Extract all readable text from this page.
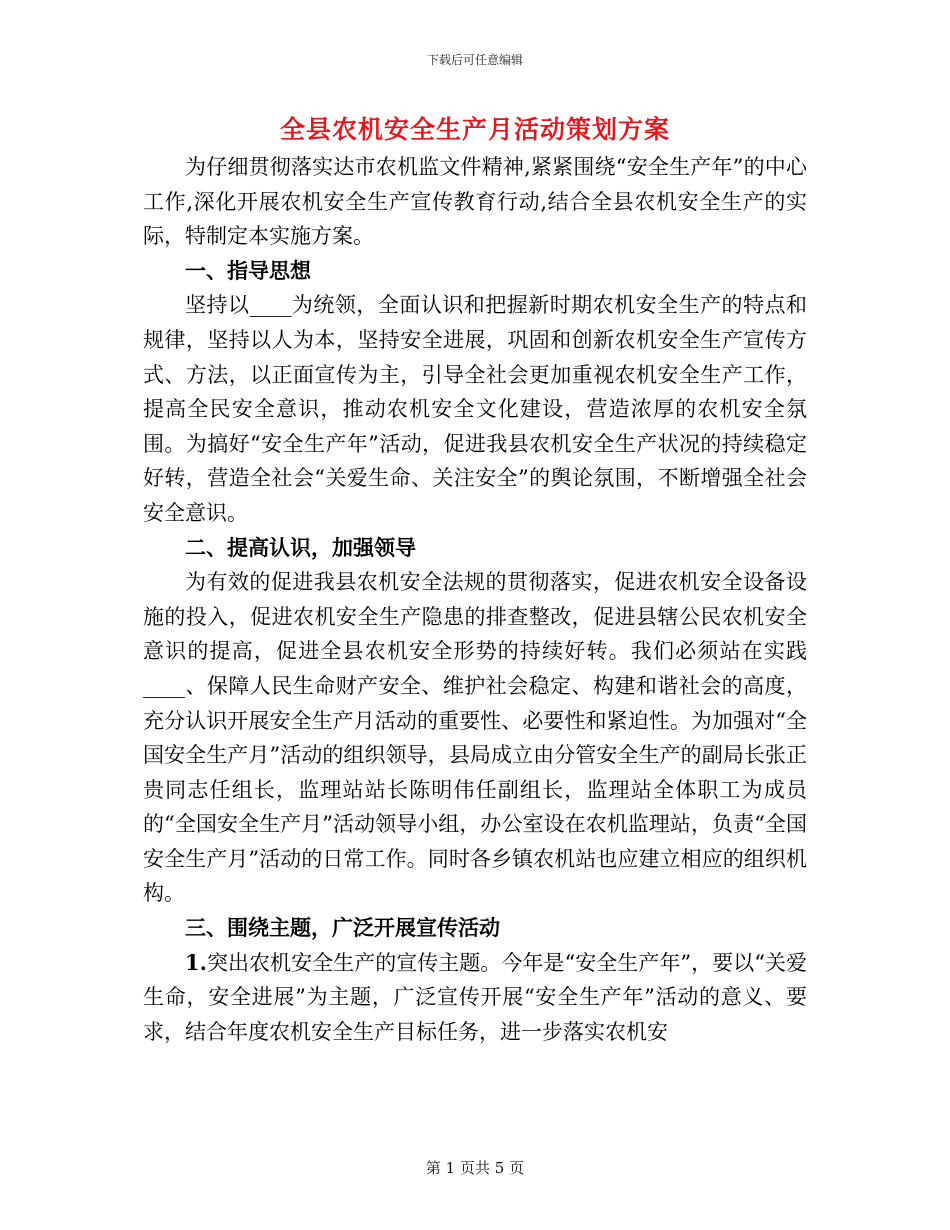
下载后可任意编辑
全县农机安全生产月活动策划方案

为仔细贯彻落实达市农机监文件精神,紧紧围绕“安全生产年”的中心工作,深化开展农机安全生产宣传教育行动,结合全县农机安全生产的实际，特制定本实施方案。

一、指导思想

坚持以____为统领，全面认识和把握新时期农机安全生产的特点和规律，坚持以人为本，坚持安全进展，巩固和创新农机安全生产宣传方式、方法，以正面宣传为主，引导全社会更加重视农机安全生产工作，提高全民安全意识，推动农机安全文化建设，营造浓厚的农机安全氛围。为搞好“安全生产年”活动，促进我县农机安全生产状况的持续稳定好转，营造全社会“关爱生命、关注安全”的舆论氛围，不断增强全社会安全意识。

二、提高认识，加强领导

为有效的促进我县农机安全法规的贯彻落实，促进农机安全设备设施的投入，促进农机安全生产隐患的排查整改，促进县辖公民农机安全意识的提高，促进全县农机安全形势的持续好转。我们必须站在实践____、保障人民生命财产安全、维护社会稳定、构建和谐社会的高度，充分认识开展安全生产月活动的重要性、必要性和紧迫性。为加强对“全国安全生产月”活动的组织领导，县局成立由分管安全生产的副局长张正贵同志任组长，监理站站长陈明伟任副组长，监理站全体职工为成员的“全国安全生产月”活动领导小组，办公室设在农机监理站，负责“全国安全生产月”活动的日常工作。同时各乡镇农机站也应建立相应的组织机构。

三、围绕主题，广泛开展宣传活动

1.突出农机安全生产的宣传主题。今年是“安全生产年”，要以“关爱生命，安全进展”为主题，广泛宣传开展“安全生产年”活动的意义、要求，结合年度农机安全生产目标任务，进一步落实农机安

第 1 页共 5 页
